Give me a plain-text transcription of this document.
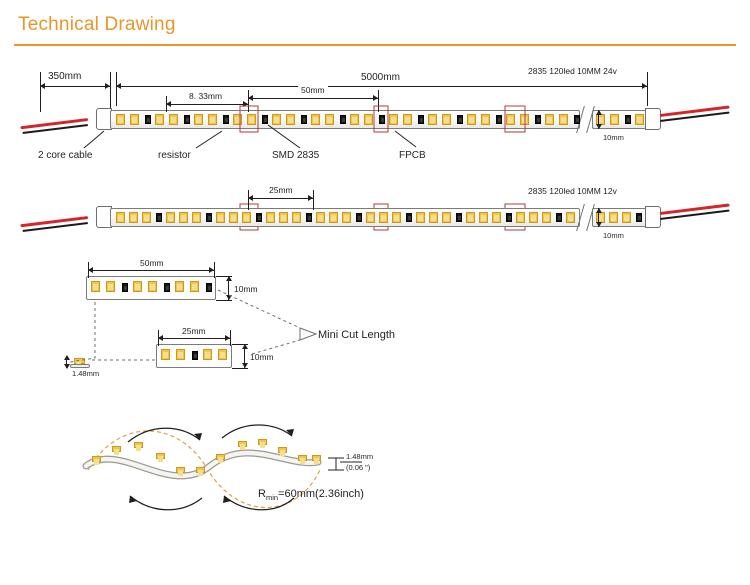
Technical Drawing
2835 120led 10MM 24v
350mm	5000mm
8. 33mm
50mm
10mm
2 core cable	resistor	SMD 2835	FPCB
2835 120led 10MM 12v
25mm
10mm
50mm
10mm
25mm
10mm
1.48mm
Mini Cut Length
1.48mm
(0.06 ")
$R_{min}=60mm(2.36inch)$
